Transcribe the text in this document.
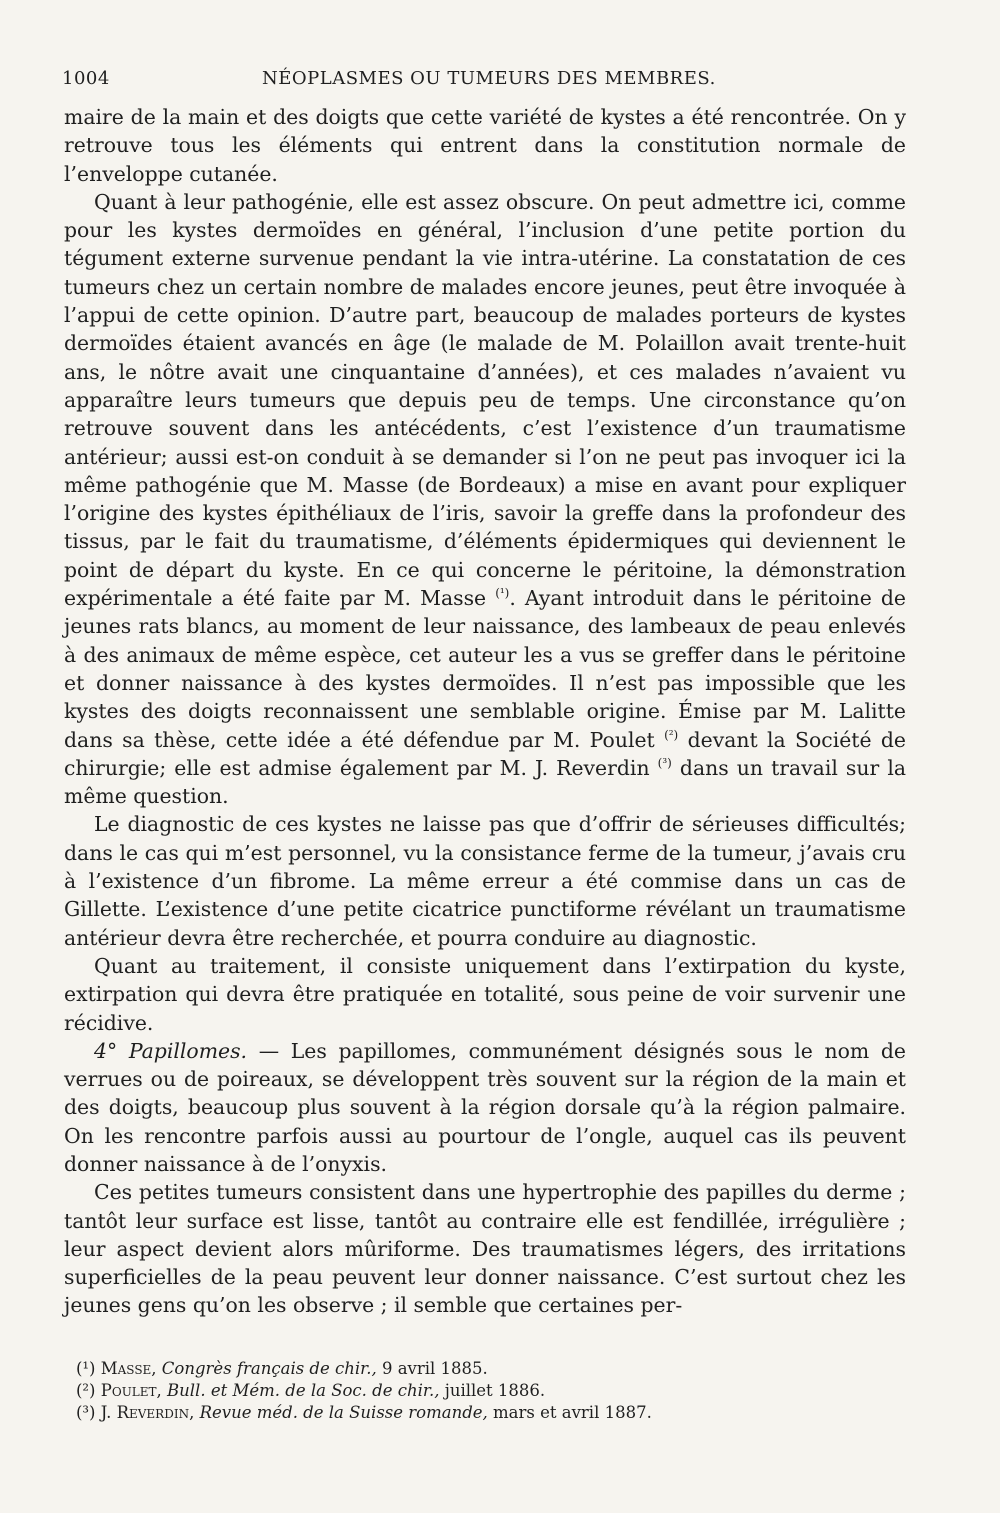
1004	NÉOPLASMES OU TUMEURS DES MEMBRES.

maire de la main et des doigts que cette variété de kystes a été rencontrée. On y retrouve tous les éléments qui entrent dans la constitution normale de l’enveloppe cutanée.

Quant à leur pathogénie, elle est assez obscure. On peut admettre ici, comme pour les kystes dermoïdes en général, l’inclusion d’une petite portion du tégument externe survenue pendant la vie intra-utérine. La constatation de ces tumeurs chez un certain nombre de malades encore jeunes, peut être invoquée à l’appui de cette opinion. D’autre part, beaucoup de malades porteurs de kystes dermoïdes étaient avancés en âge (le malade de M. Polaillon avait trente-huit ans, le nôtre avait une cinquantaine d’années), et ces malades n’avaient vu apparaître leurs tumeurs que depuis peu de temps. Une circonstance qu’on retrouve souvent dans les antécédents, c’est l’existence d’un traumatisme antérieur; aussi est-on conduit à se demander si l’on ne peut pas invoquer ici la même pathogénie que M. Masse (de Bordeaux) a mise en avant pour expliquer l’origine des kystes épithéliaux de l’iris, savoir la greffe dans la profondeur des tissus, par le fait du traumatisme, d’éléments épidermiques qui deviennent le point de départ du kyste. En ce qui concerne le péritoine, la démonstration expérimentale a été faite par M. Masse $^{(^1)}$. Ayant introduit dans le péritoine de jeunes rats blancs, au moment de leur naissance, des lambeaux de peau enlevés à des animaux de même espèce, cet auteur les a vus se greffer dans le péritoine et donner naissance à des kystes dermoïdes. Il n’est pas impossible que les kystes des doigts reconnaissent une semblable origine. Émise par M. Lalitte dans sa thèse, cette idée a été défendue par M. Poulet $^{(^2)}$ devant la Société de chirurgie; elle est admise également par M. J. Reverdin $^{(^3)}$ dans un travail sur la même question.

Le diagnostic de ces kystes ne laisse pas que d’offrir de sérieuses difficultés; dans le cas qui m’est personnel, vu la consistance ferme de la tumeur, j’avais cru à l’existence d’un fibrome. La même erreur a été commise dans un cas de Gillette. L’existence d’une petite cicatrice punctiforme révélant un traumatisme antérieur devra être recherchée, et pourra conduire au diagnostic.

Quant au traitement, il consiste uniquement dans l’extirpation du kyste, extirpation qui devra être pratiquée en totalité, sous peine de voir survenir une récidive.

4° Papillomes. — Les papillomes, communément désignés sous le nom de verrues ou de poireaux, se développent très souvent sur la région de la main et des doigts, beaucoup plus souvent à la région dorsale qu’à la région palmaire. On les rencontre parfois aussi au pourtour de l’ongle, auquel cas ils peuvent donner naissance à de l’onyxis.

Ces petites tumeurs consistent dans une hypertrophie des papilles du derme ; tantôt leur surface est lisse, tantôt au contraire elle est fendillée, irrégulière ; leur aspect devient alors mûriforme. Des traumatismes légers, des irritations superficielles de la peau peuvent leur donner naissance. C’est surtout chez les jeunes gens qu’on les observe ; il semble que certaines per-

(¹) Masse, Congrès français de chir., 9 avril 1885.
(²) Poulet, Bull. et Mém. de la Soc. de chir., juillet 1886.
(³) J. Reverdin, Revue méd. de la Suisse romande, mars et avril 1887.
